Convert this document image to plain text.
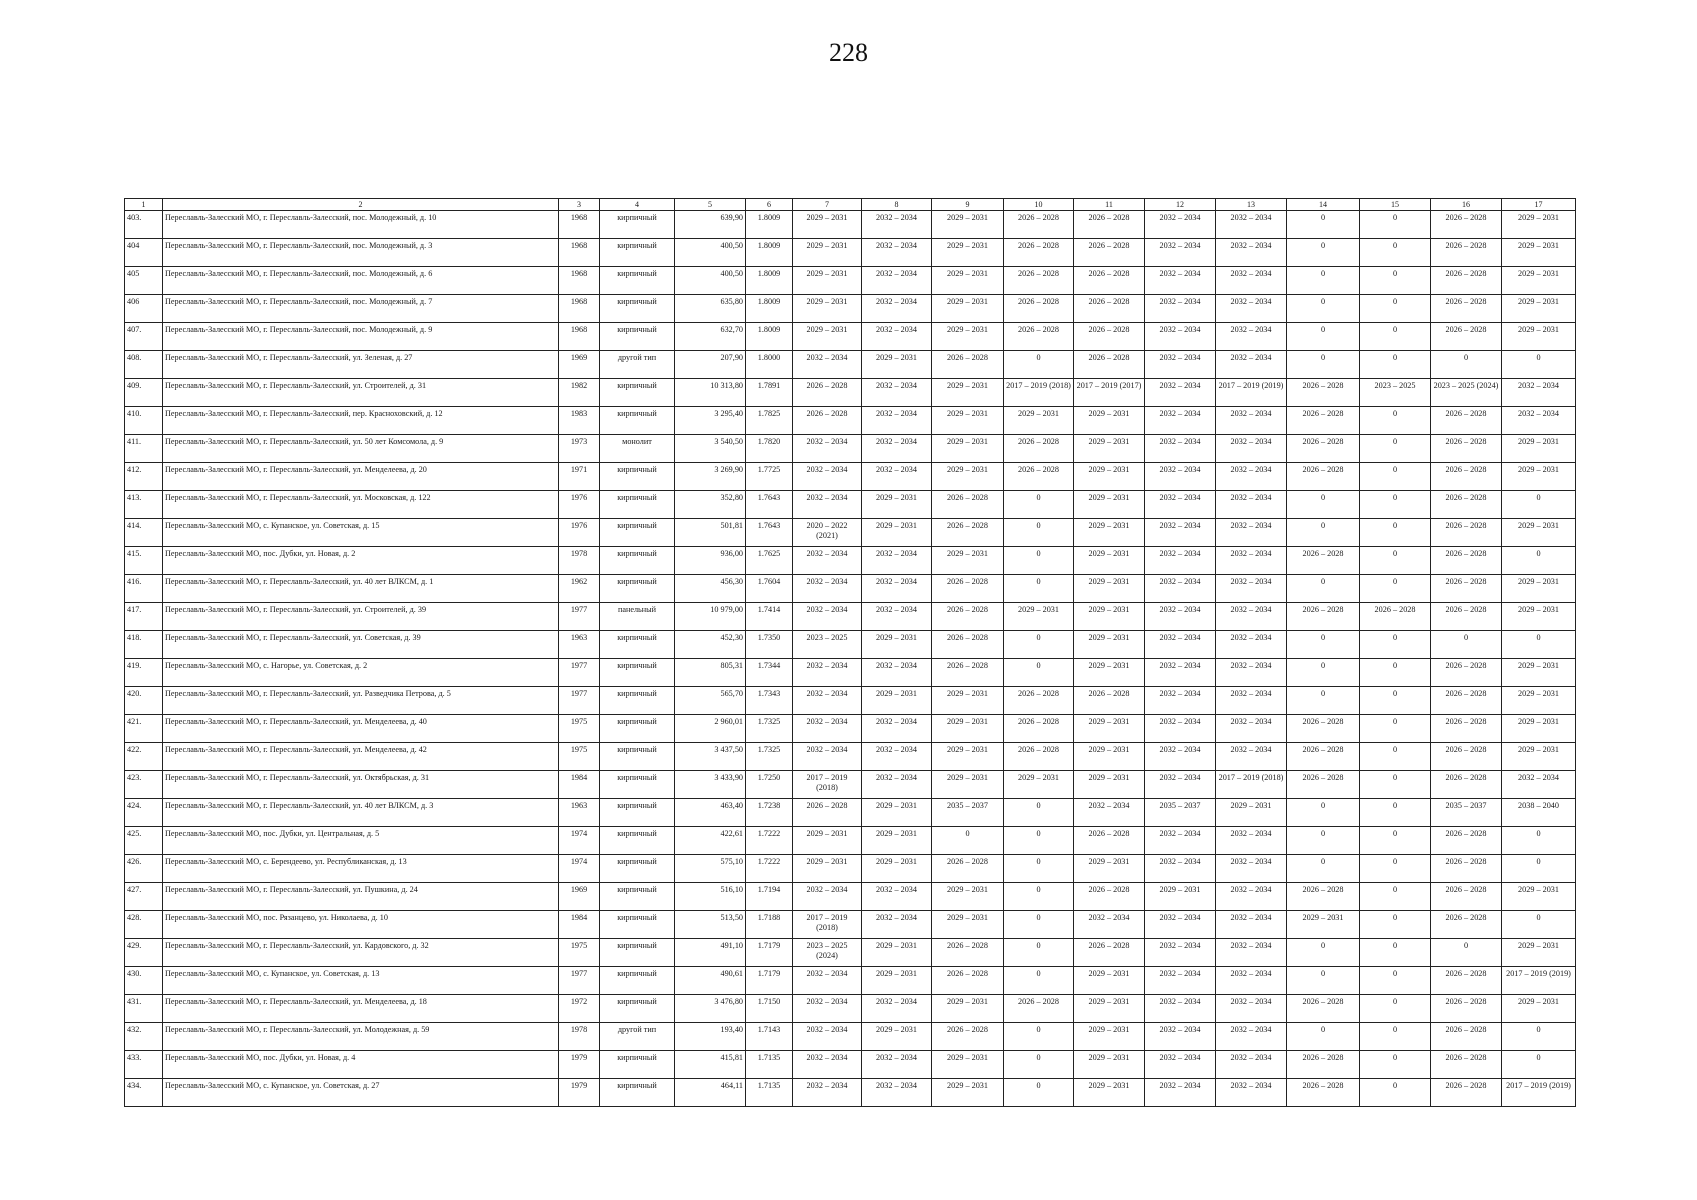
228
1	2	3	4	5	6	7	8	9	10	11	12	13	14	15	16	17
403.	Переславль-Залесский МО, г. Переславль-Залесский, пос. Молодежный, д. 10	1968	кирпичный	639,90	1.8009	2029 – 2031	2032 – 2034	2029 – 2031	2026 – 2028	2026 – 2028	2032 – 2034	2032 – 2034	0	0	2026 – 2028	2029 – 2031
404	Переславль-Залесский МО, г. Переславль-Залесский, пос. Молодежный, д. 3	1968	кирпичный	400,50	1.8009	2029 – 2031	2032 – 2034	2029 – 2031	2026 – 2028	2026 – 2028	2032 – 2034	2032 – 2034	0	0	2026 – 2028	2029 – 2031
405	Переславль-Залесский МО, г. Переславль-Залесский, пос. Молодежный, д. 6	1968	кирпичный	400,50	1.8009	2029 – 2031	2032 – 2034	2029 – 2031	2026 – 2028	2026 – 2028	2032 – 2034	2032 – 2034	0	0	2026 – 2028	2029 – 2031
406	Переславль-Залесский МО, г. Переславль-Залесский, пос. Молодежный, д. 7	1968	кирпичный	635,80	1.8009	2029 – 2031	2032 – 2034	2029 – 2031	2026 – 2028	2026 – 2028	2032 – 2034	2032 – 2034	0	0	2026 – 2028	2029 – 2031
407.	Переславль-Залесский МО, г. Переславль-Залесский, пос. Молодежный, д. 9	1968	кирпичный	632,70	1.8009	2029 – 2031	2032 – 2034	2029 – 2031	2026 – 2028	2026 – 2028	2032 – 2034	2032 – 2034	0	0	2026 – 2028	2029 – 2031
408.	Переславль-Залесский МО, г. Переславль-Залесский, ул. Зеленая, д. 27	1969	другой тип	207,90	1.8000	2032 – 2034	2029 – 2031	2026 – 2028	0	2026 – 2028	2032 – 2034	2032 – 2034	0	0	0	0
409.	Переславль-Залесский МО, г. Переславль-Залесский, ул. Строителей, д. 31	1982	кирпичный	10 313,80	1.7891	2026 – 2028	2032 – 2034	2029 – 2031	2017 – 2019 (2018)	2017 – 2019 (2017)	2032 – 2034	2017 – 2019 (2019)	2026 – 2028	2023 – 2025	2023 – 2025 (2024)	2032 – 2034
410.	Переславль-Залесский МО, г. Переславль-Залесский, пер. Красноховский, д. 12	1983	кирпичный	3 295,40	1.7825	2026 – 2028	2032 – 2034	2029 – 2031	2029 – 2031	2029 – 2031	2032 – 2034	2032 – 2034	2026 – 2028	0	2026 – 2028	2032 – 2034
411.	Переславль-Залесский МО, г. Переславль-Залесский, ул. 50 лет Комсомола, д. 9	1973	монолит	3 540,50	1.7820	2032 – 2034	2032 – 2034	2029 – 2031	2026 – 2028	2029 – 2031	2032 – 2034	2032 – 2034	2026 – 2028	0	2026 – 2028	2029 – 2031
412.	Переславль-Залесский МО, г. Переславль-Залесский, ул. Менделеева, д. 20	1971	кирпичный	3 269,90	1.7725	2032 – 2034	2032 – 2034	2029 – 2031	2026 – 2028	2029 – 2031	2032 – 2034	2032 – 2034	2026 – 2028	0	2026 – 2028	2029 – 2031
413.	Переславль-Залесский МО, г. Переславль-Залесский, ул. Московская, д. 122	1976	кирпичный	352,80	1.7643	2032 – 2034	2029 – 2031	2026 – 2028	0	2029 – 2031	2032 – 2034	2032 – 2034	0	0	2026 – 2028	0
414.	Переславль-Залесский МО, с. Купанское, ул. Советская, д. 15	1976	кирпичный	501,81	1.7643	2020 – 2022 (2021)	2029 – 2031	2026 – 2028	0	2029 – 2031	2032 – 2034	2032 – 2034	0	0	2026 – 2028	2029 – 2031
415.	Переславль-Залесский МО, пос. Дубки, ул. Новая, д. 2	1978	кирпичный	936,00	1.7625	2032 – 2034	2032 – 2034	2029 – 2031	0	2029 – 2031	2032 – 2034	2032 – 2034	2026 – 2028	0	2026 – 2028	0
416.	Переславль-Залесский МО, г. Переславль-Залесский, ул. 40 лет ВЛКСМ, д. 1	1962	кирпичный	456,30	1.7604	2032 – 2034	2032 – 2034	2026 – 2028	0	2029 – 2031	2032 – 2034	2032 – 2034	0	0	2026 – 2028	2029 – 2031
417.	Переславль-Залесский МО, г. Переславль-Залесский, ул. Строителей, д. 39	1977	панельный	10 979,00	1.7414	2032 – 2034	2032 – 2034	2026 – 2028	2029 – 2031	2029 – 2031	2032 – 2034	2032 – 2034	2026 – 2028	2026 – 2028	2026 – 2028	2029 – 2031
418.	Переславль-Залесский МО, г. Переславль-Залесский, ул. Советская, д. 39	1963	кирпичный	452,30	1.7350	2023 – 2025	2029 – 2031	2026 – 2028	0	2029 – 2031	2032 – 2034	2032 – 2034	0	0	0	0
419.	Переславль-Залесский МО, с. Нагорье, ул. Советская, д. 2	1977	кирпичный	805,31	1.7344	2032 – 2034	2032 – 2034	2026 – 2028	0	2029 – 2031	2032 – 2034	2032 – 2034	0	0	2026 – 2028	2029 – 2031
420.	Переславль-Залесский МО, г. Переславль-Залесский, ул. Разведчика Петрова, д. 5	1977	кирпичный	565,70	1.7343	2032 – 2034	2029 – 2031	2029 – 2031	2026 – 2028	2026 – 2028	2032 – 2034	2032 – 2034	0	0	2026 – 2028	2029 – 2031
421.	Переславль-Залесский МО, г. Переславль-Залесский, ул. Менделеева, д. 40	1975	кирпичный	2 960,01	1.7325	2032 – 2034	2032 – 2034	2029 – 2031	2026 – 2028	2029 – 2031	2032 – 2034	2032 – 2034	2026 – 2028	0	2026 – 2028	2029 – 2031
422.	Переславль-Залесский МО, г. Переславль-Залесский, ул. Менделеева, д. 42	1975	кирпичный	3 437,50	1.7325	2032 – 2034	2032 – 2034	2029 – 2031	2026 – 2028	2029 – 2031	2032 – 2034	2032 – 2034	2026 – 2028	0	2026 – 2028	2029 – 2031
423.	Переславль-Залесский МО, г. Переславль-Залесский, ул. Октябрьская, д. 31	1984	кирпичный	3 433,90	1.7250	2017 – 2019 (2018)	2032 – 2034	2029 – 2031	2029 – 2031	2029 – 2031	2032 – 2034	2017 – 2019 (2018)	2026 – 2028	0	2026 – 2028	2032 – 2034
424.	Переславль-Залесский МО, г. Переславль-Залесский, ул. 40 лет ВЛКСМ, д. 3	1963	кирпичный	463,40	1.7238	2026 – 2028	2029 – 2031	2035 – 2037	0	2032 – 2034	2035 – 2037	2029 – 2031	0	0	2035 – 2037	2038 – 2040
425.	Переславль-Залесский МО, пос. Дубки, ул. Центральная, д. 5	1974	кирпичный	422,61	1.7222	2029 – 2031	2029 – 2031	0	0	2026 – 2028	2032 – 2034	2032 – 2034	0	0	2026 – 2028	0
426.	Переславль-Залесский МО, с. Берендеево, ул. Республиканская, д. 13	1974	кирпичный	575,10	1.7222	2029 – 2031	2029 – 2031	2026 – 2028	0	2029 – 2031	2032 – 2034	2032 – 2034	0	0	2026 – 2028	0
427.	Переславль-Залесский МО, г. Переславль-Залесский, ул. Пушкина, д. 24	1969	кирпичный	516,10	1.7194	2032 – 2034	2032 – 2034	2029 – 2031	0	2026 – 2028	2029 – 2031	2032 – 2034	2026 – 2028	0	2026 – 2028	2029 – 2031
428.	Переславль-Залесский МО, пос. Рязанцево, ул. Николаева, д. 10	1984	кирпичный	513,50	1.7188	2017 – 2019 (2018)	2032 – 2034	2029 – 2031	0	2032 – 2034	2032 – 2034	2032 – 2034	2029 – 2031	0	2026 – 2028	0
429.	Переславль-Залесский МО, г. Переславль-Залесский, ул. Кардовского, д. 32	1975	кирпичный	491,10	1.7179	2023 – 2025 (2024)	2029 – 2031	2026 – 2028	0	2026 – 2028	2032 – 2034	2032 – 2034	0	0	0	2029 – 2031
430.	Переславль-Залесский МО, с. Купанское, ул. Советская, д. 13	1977	кирпичный	490,61	1.7179	2032 – 2034	2029 – 2031	2026 – 2028	0	2029 – 2031	2032 – 2034	2032 – 2034	0	0	2026 – 2028	2017 – 2019 (2019)
431.	Переславль-Залесский МО, г. Переславль-Залесский, ул. Менделеева, д. 18	1972	кирпичный	3 476,80	1.7150	2032 – 2034	2032 – 2034	2029 – 2031	2026 – 2028	2029 – 2031	2032 – 2034	2032 – 2034	2026 – 2028	0	2026 – 2028	2029 – 2031
432.	Переславль-Залесский МО, г. Переславль-Залесский, ул. Молодежная, д. 59	1978	другой тип	193,40	1.7143	2032 – 2034	2029 – 2031	2026 – 2028	0	2029 – 2031	2032 – 2034	2032 – 2034	0	0	2026 – 2028	0
433.	Переславль-Залесский МО, пос. Дубки, ул. Новая, д. 4	1979	кирпичный	415,81	1.7135	2032 – 2034	2032 – 2034	2029 – 2031	0	2029 – 2031	2032 – 2034	2032 – 2034	2026 – 2028	0	2026 – 2028	0
434.	Переславль-Залесский МО, с. Купанское, ул. Советская, д. 27	1979	кирпичный	464,11	1.7135	2032 – 2034	2032 – 2034	2029 – 2031	0	2029 – 2031	2032 – 2034	2032 – 2034	2026 – 2028	0	2026 – 2028	2017 – 2019 (2019)
